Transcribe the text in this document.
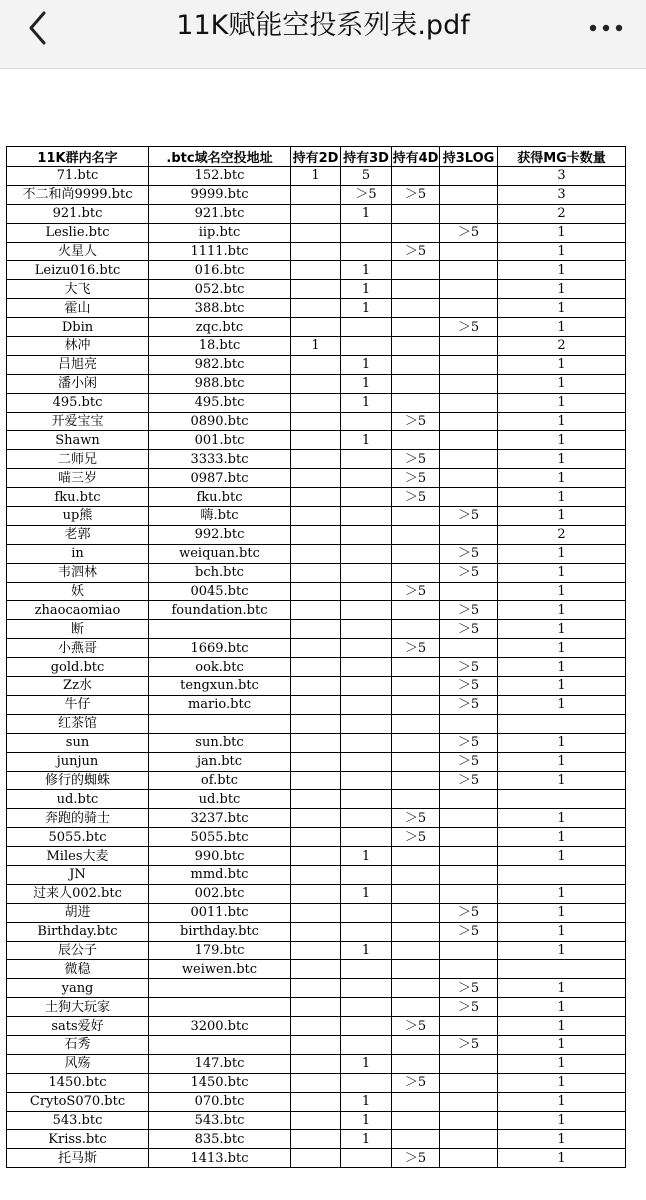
11K赋能空投系列表.pdf
11K群内名字	.btc域名空投地址	持有2D	持有3D	持有4D	持3LOG	获得MG卡数量
71.btc	152.btc	1	5			3
不二和尚9999.btc	9999.btc		＞5	＞5		3
921.btc	921.btc		1			2
Leslie.btc	iip.btc				＞5	1
火星人	1111.btc			＞5		1
Leizu016.btc	016.btc		1			1
大飞	052.btc		1			1
霍山	388.btc		1			1
Dbin	zqc.btc				＞5	1
林冲	18.btc	1				2
吕旭亮	982.btc		1			1
潘小闲	988.btc		1			1
495.btc	495.btc		1			1
开爱宝宝	0890.btc			＞5		1
Shawn	001.btc		1			1
二师兄	3333.btc			＞5		1
喵三岁	0987.btc			＞5		1
fku.btc	fku.btc			＞5		1
up熊	嗨.btc				＞5	1
老郭	992.btc					2
in	weiquan.btc				＞5	1
韦泗林	bch.btc				＞5	1
妖	0045.btc			＞5		1
zhaocaomiao	foundation.btc				＞5	1
断					＞5	1
小燕哥	1669.btc			＞5		1
gold.btc	ook.btc				＞5	1
Zz水	tengxun.btc				＞5	1
牛仔	mario.btc				＞5	1
红茶馆						
sun	sun.btc				＞5	1
junjun	jan.btc				＞5	1
修行的蜘蛛	of.btc				＞5	1
ud.btc	ud.btc					
奔跑的骑士	3237.btc			＞5		1
5055.btc	5055.btc			＞5		1
Miles大麦	990.btc		1			1
JN	mmd.btc					
过来人002.btc	002.btc		1			1
胡进	0011.btc				＞5	1
Birthday.btc	birthday.btc				＞5	1
辰公子	179.btc		1			1
微稳	weiwen.btc					
yang					＞5	1
土狗大玩家					＞5	1
sats爱好	3200.btc			＞5		1
石秀					＞5	1
风殇	147.btc		1			1
1450.btc	1450.btc			＞5		1
CrytoS070.btc	070.btc		1			1
543.btc	543.btc		1			1
Kriss.btc	835.btc		1			1
托马斯	1413.btc			＞5		1
